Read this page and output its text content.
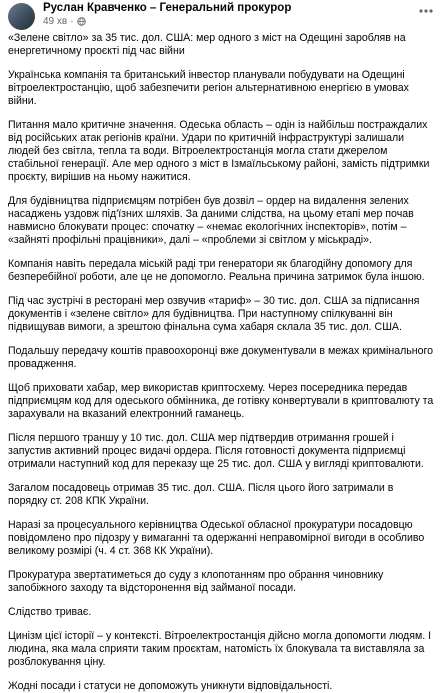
Руслан Кравченко – Генеральний прокурор
49 хв ·

«Зелене світло» за 35 тис. дол. США: мер одного з міст на Одещині заробляв на енергетичному проєкті під час війни

Українська компанія та британський інвестор планували побудувати на Одещині вітроелектростанцію, щоб забезпечити регіон альтернативною енергією в умовах війни.

Питання мало критичне значення. Одеська область – одін із найбільш постраждалих від російських атак регіонів країни. Удари по критичній інфраструктурі залишали людей без світла, тепла та води. Вітроелектростанція могла стати джерелом стабільної генерації. Але мер одного з міст в Ізмаїльському районі, замість підтримки проєкту, вирішив на ньому нажитися.

Для будівництва підприємцям потрібен був дозвіл – ордер на видалення зелених насаджень уздовж під'їзних шляхів. За даними слідства, на цьому етапі мер почав навмисно блокувати процес: спочатку – «немає екологічних інспекторів», потім – «зайняті профільні працівники», далі – «проблеми зі світлом у міськраді».

Компанія навіть передала міській раді три генератори як благодійну допомогу для безперебійної роботи, але це не допомогло. Реальна причина затримок була іншою.

Під час зустрічі в ресторані мер озвучив «тариф» – 30 тис. дол. США за підписання документів і «зелене світло» для будівництва. При наступному спілкуванні він підвищував вимоги, а зрештою фінальна сума хабаря склала 35 тис. дол. США.

Подальшу передачу коштів правоохоронці вже документували в межах кримінального провадження.

Щоб приховати хабар, мер використав криптосхему. Через посередника передав підприємцям код для одеського обмінника, де готівку конвертували в криптовалюту та зарахували на вказаний електронний гаманець.

Після першого траншу у 10 тис. дол. США мер підтвердив отримання грошей і запустив активний процес видачі ордера. Після готовності документа підприємці отримали наступний код для переказу ще 25 тис. дол. США у вигляді криптовалюти.

Загалом посадовець отримав 35 тис. дол. США. Після цього його затримали в порядку ст. 208 КПК України.

Наразі за процесуального керівництва Одеської обласної прокуратури посадовцю повідомлено про підозру у вимаганні та одержанні неправомірної вигоди в особливо великому розмірі (ч. 4 ст. 368 КК України).

Прокуратура звертатиметься до суду з клопотанням про обрання чиновнику запобіжного заходу та відсторонення від займаної посади.

Слідство триває.

Цинізм цієї історії – у контексті. Вітроелектростанція дійсно могла допомогти людям. І людина, яка мала сприяти таким проєктам, натомість їх блокувала та виставляла за розблокування ціну.

Жодні посади і статуси не допоможуть уникнути відповідальності.
